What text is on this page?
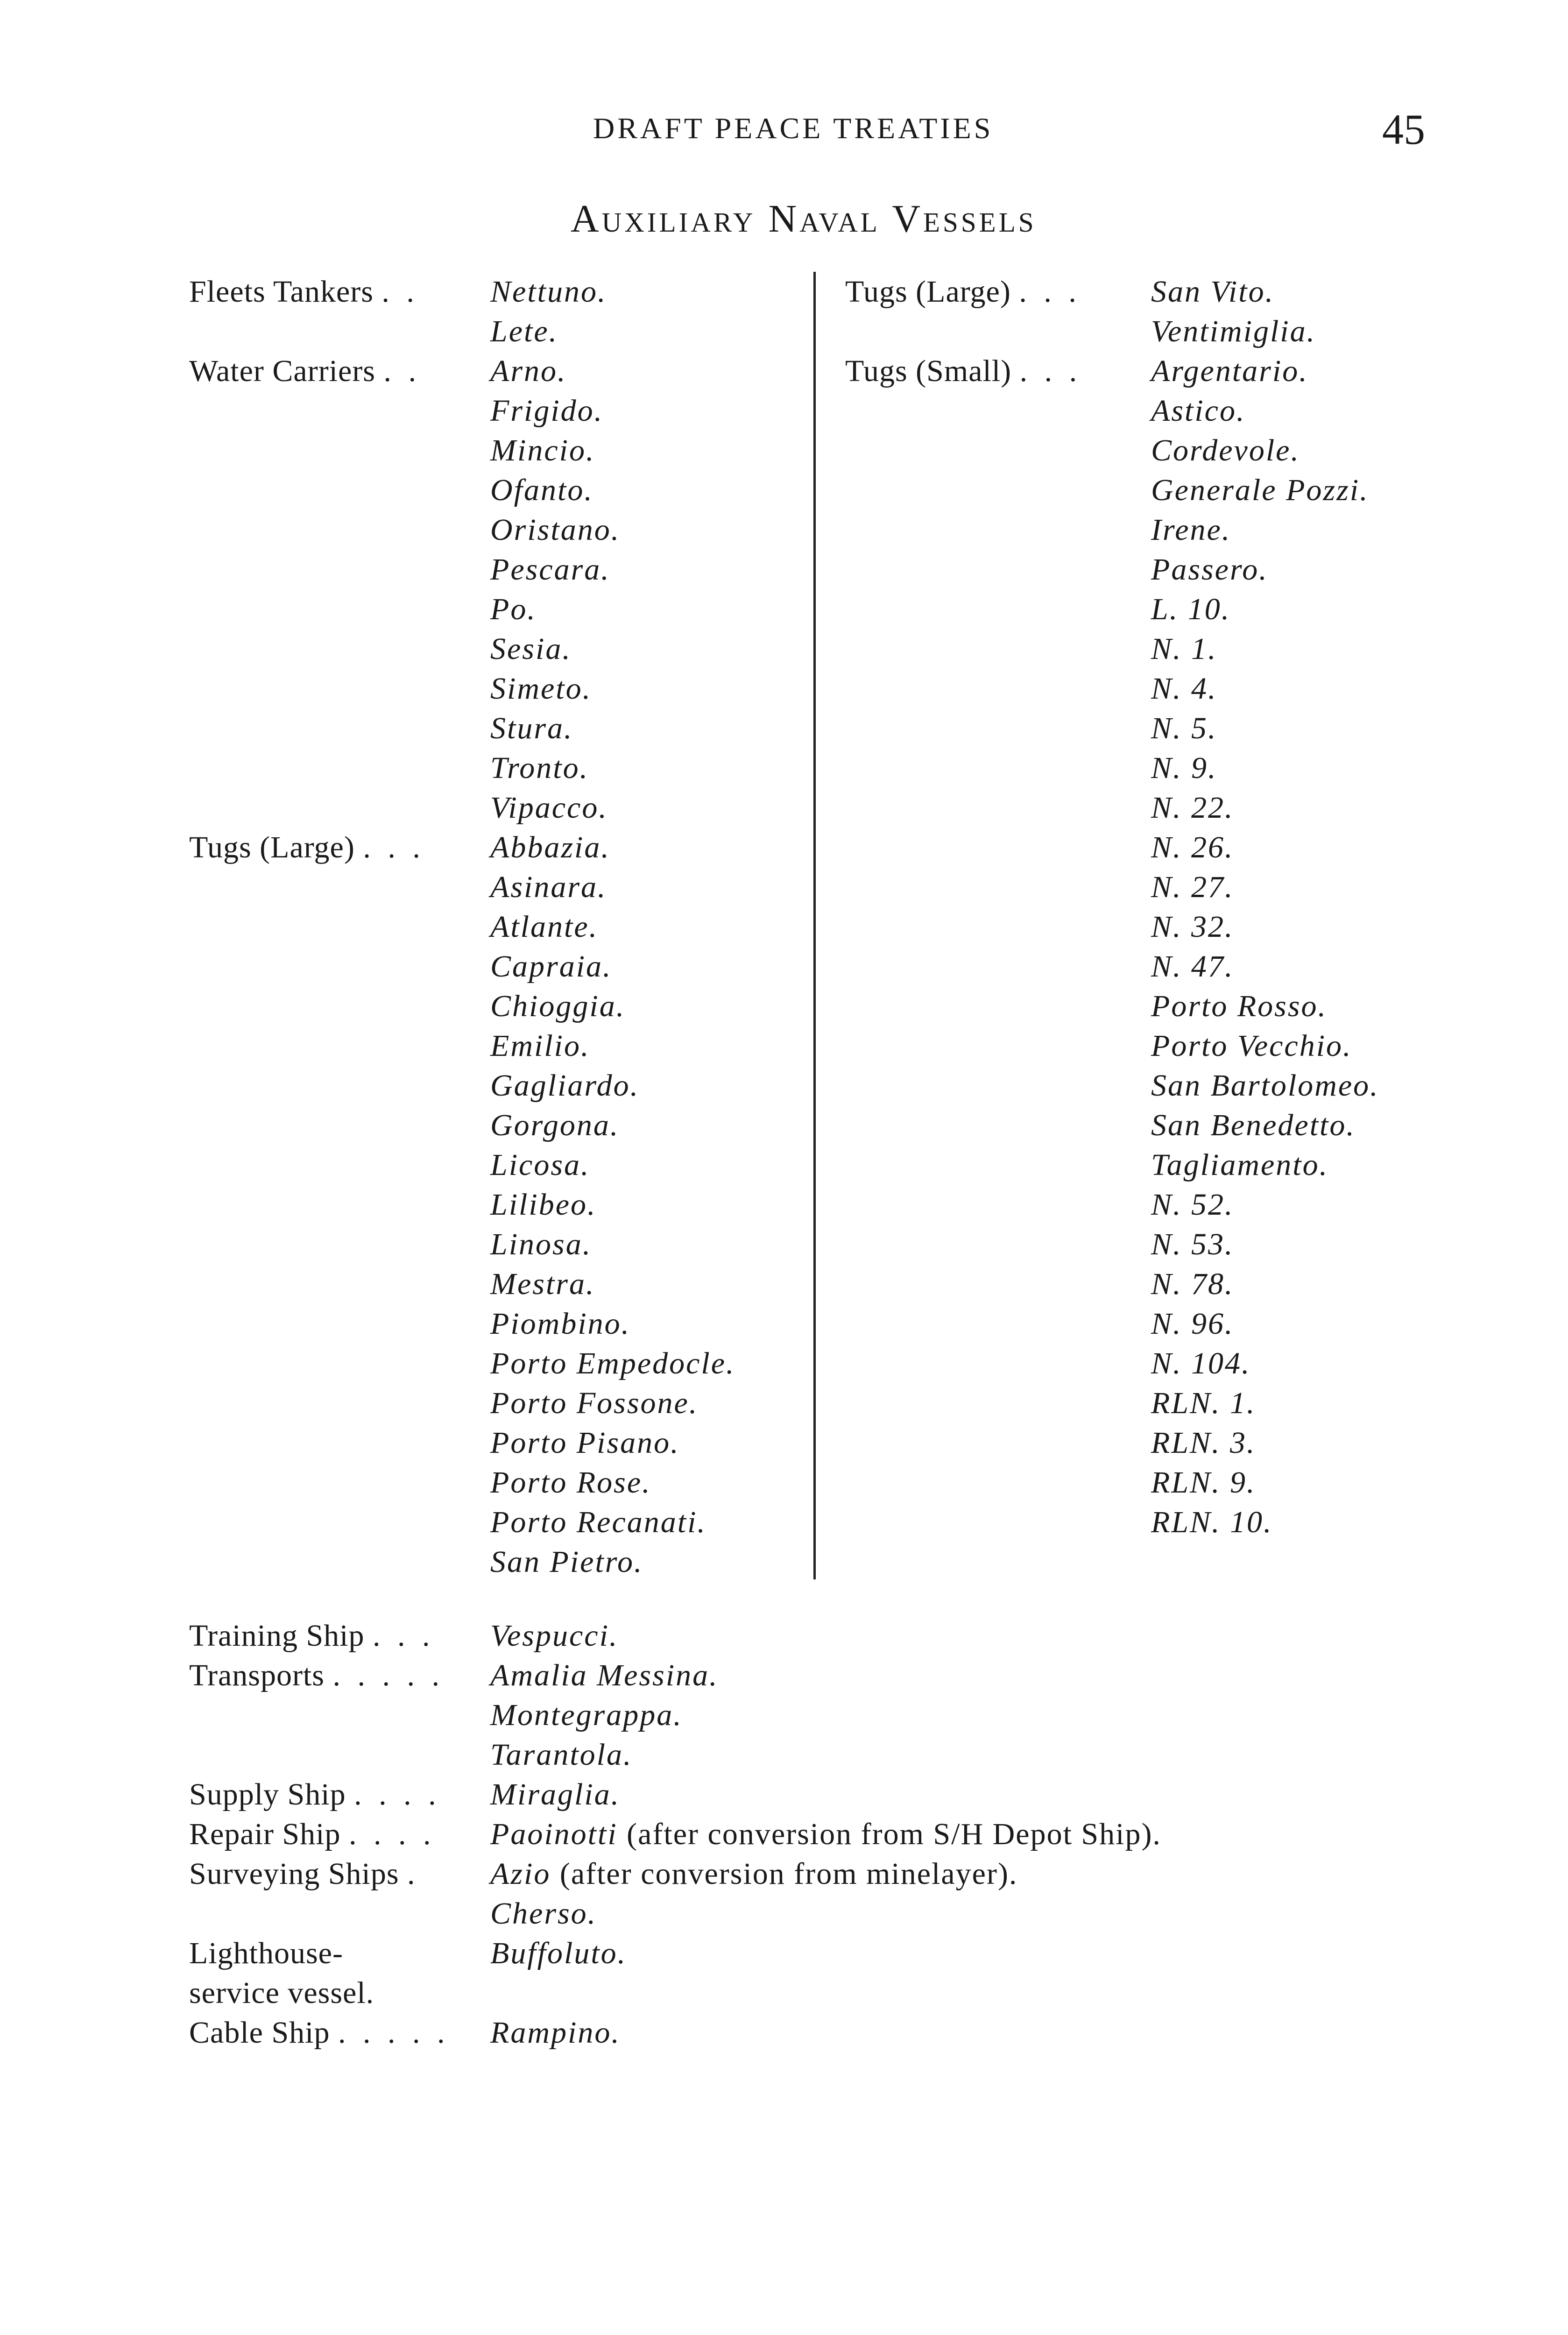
DRAFT PEACE TREATIES	45
Auxiliary Naval Vessels
Fleets Tankers . . Nettuno.
Lete.
Water Carriers . . Arno.
Frigido.
Mincio.
Ofanto.
Oristano.
Pescara.
Po.
Sesia.
Simeto.
Stura.
Tronto.
Vipacco.
Tugs (Large) . . . Abbazia.
Asinara.
Atlante.
Capraia.
Chioggia.
Emilio.
Gagliardo.
Gorgona.
Licosa.
Lilibeo.
Linosa.
Mestra.
Piombino.
Porto Empedocle.
Porto Fossone.
Porto Pisano.
Porto Rose.
Porto Recanati.
San Pietro.
Tugs (Large) . . . San Vito.
Ventimiglia.
Tugs (Small) . . . Argentario.
Astico.
Cordevole.
Generale Pozzi.
Irene.
Passero.
L. 10.
N. 1.
N. 4.
N. 5.
N. 9.
N. 22.
N. 26.
N. 27.
N. 32.
N. 47.
Porto Rosso.
Porto Vecchio.
San Bartolomeo.
San Benedetto.
Tagliamento.
N. 52.
N. 53.
N. 78.
N. 96.
N. 104.
RLN. 1.
RLN. 3.
RLN. 9.
RLN. 10.
Training Ship . . . Vespucci.
Transports . . . . . Amalia Messina.
Montegrappa.
Tarantola.
Supply Ship . . . . Miraglia.
Repair Ship . . . . Paoinotti (after conversion from S/H Depot Ship).
Surveying Ships . Azio (after conversion from minelayer).
Cherso.
Lighthouse-	Buffoluto.
service vessel.
Cable Ship . . . . . Rampino.
